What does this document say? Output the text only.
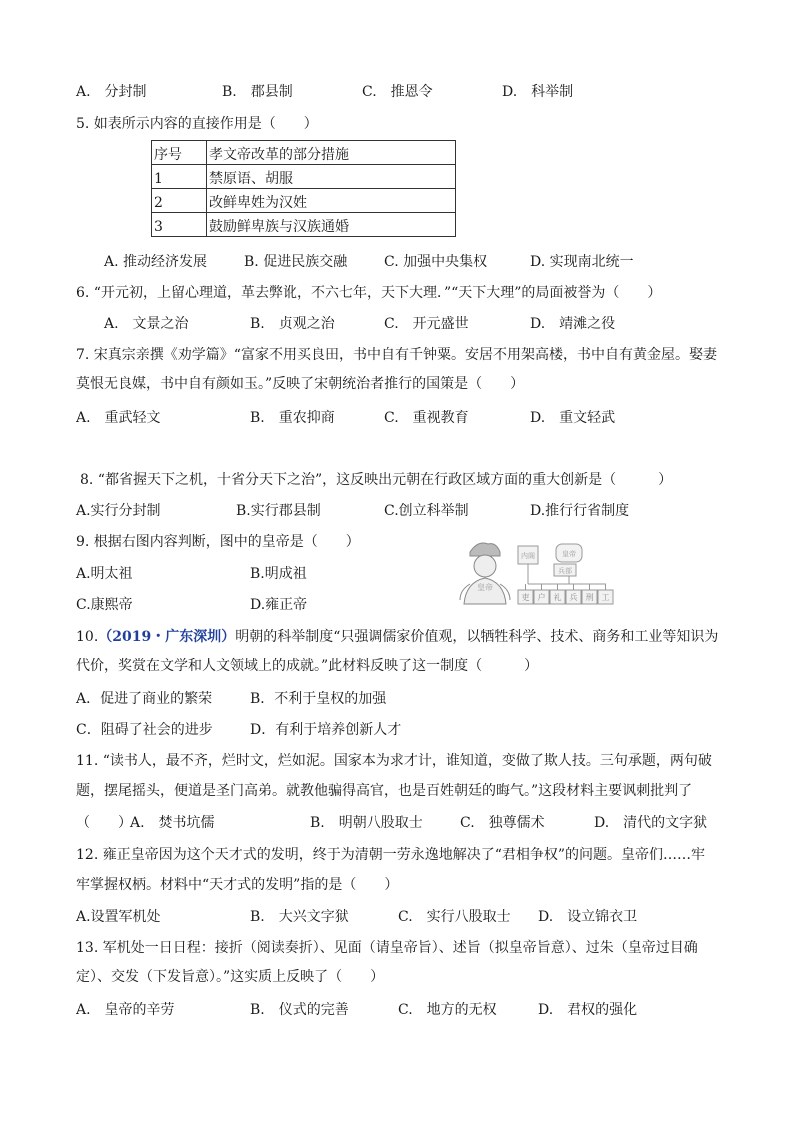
A.　分封制	B.　郡县制	C.　推恩令	D.　科举制
5. 如表所示内容的直接作用是（　　）
序号	孝文帝改革的部分措施
1	禁原语、胡服
2	改鲜卑姓为汉姓
3	鼓励鲜卑族与汉族通婚
A. 推动经济发展	B. 促进民族交融	C. 加强中央集权	D. 实现南北统一
6. “开元初，上留心理道，革去弊讹，不六七年，天下大理．”“天下大理”的局面被誉为（　　）
A.　文景之治	B.　贞观之治	C.　开元盛世	D.　靖滩之役
7. 宋真宗亲撰《劝学篇》“富家不用买良田，书中自有千钟粟。安居不用架高楼，书中自有黄金屋。娶妻
莫恨无良媒，书中自有颜如玉。”反映了宋朝统治者推行的国策是（　　）
A.　重武轻文	B.　重农抑商	C.　重视教育	D.　重文轻武
8. “都省握天下之机，十省分天下之治”，这反映出元朝在行政区域方面的重大创新是（　　　）
A.实行分封制	B.实行郡县制	C.创立科举制	D.推行行省制度
9. 根据右图内容判断，图中的皇帝是（　　）
A.明太祖	B.明成祖
C.康熙帝	D.雍正帝
皇帝
内阁	皇帝
兵部
吏 户 礼 兵 刑 工
10.（2019・广东深圳）明朝的科举制度“只强调儒家价值观，以牺牲科学、技术、商务和工业等知识为
代价，奖赏在文学和人文领域上的成就。”此材料反映了这一制度（　　　）
A．促进了商业的繁荣	B．不利于皇权的加强
C．阻碍了社会的进步	D．有利于培养创新人才
11. “读书人，最不齐，烂时文，烂如泥。国家本为求才计，谁知道，变做了欺人技。三句承题，两句破
题，摆尾摇头，便道是圣门高弟。就教他骗得高官，也是百姓朝廷的晦气。”这段材料主要讽刺批判了
（　　）
A.　焚书坑儒	B.　明朝八股取士	C.　独尊儒术	D.　清代的文字狱
12. 雍正皇帝因为这个天才式的发明，终于为清朝一劳永逸地解决了“君相争权”的问题。皇帝们……牢
牢掌握权柄。材料中“天才式的发明”指的是（　　）
A.设置军机处	B.　大兴文字狱	C.　实行八股取士 D.　设立锦衣卫
13. 军机处一日日程：接折（阅读奏折）、见面（请皇帝旨）、述旨（拟皇帝旨意）、过朱（皇帝过目确
定）、交发（下发旨意）。”这实质上反映了（　　）
A.　皇帝的辛劳	B.　仪式的完善	C.　地方的无权	D.　君权的强化
